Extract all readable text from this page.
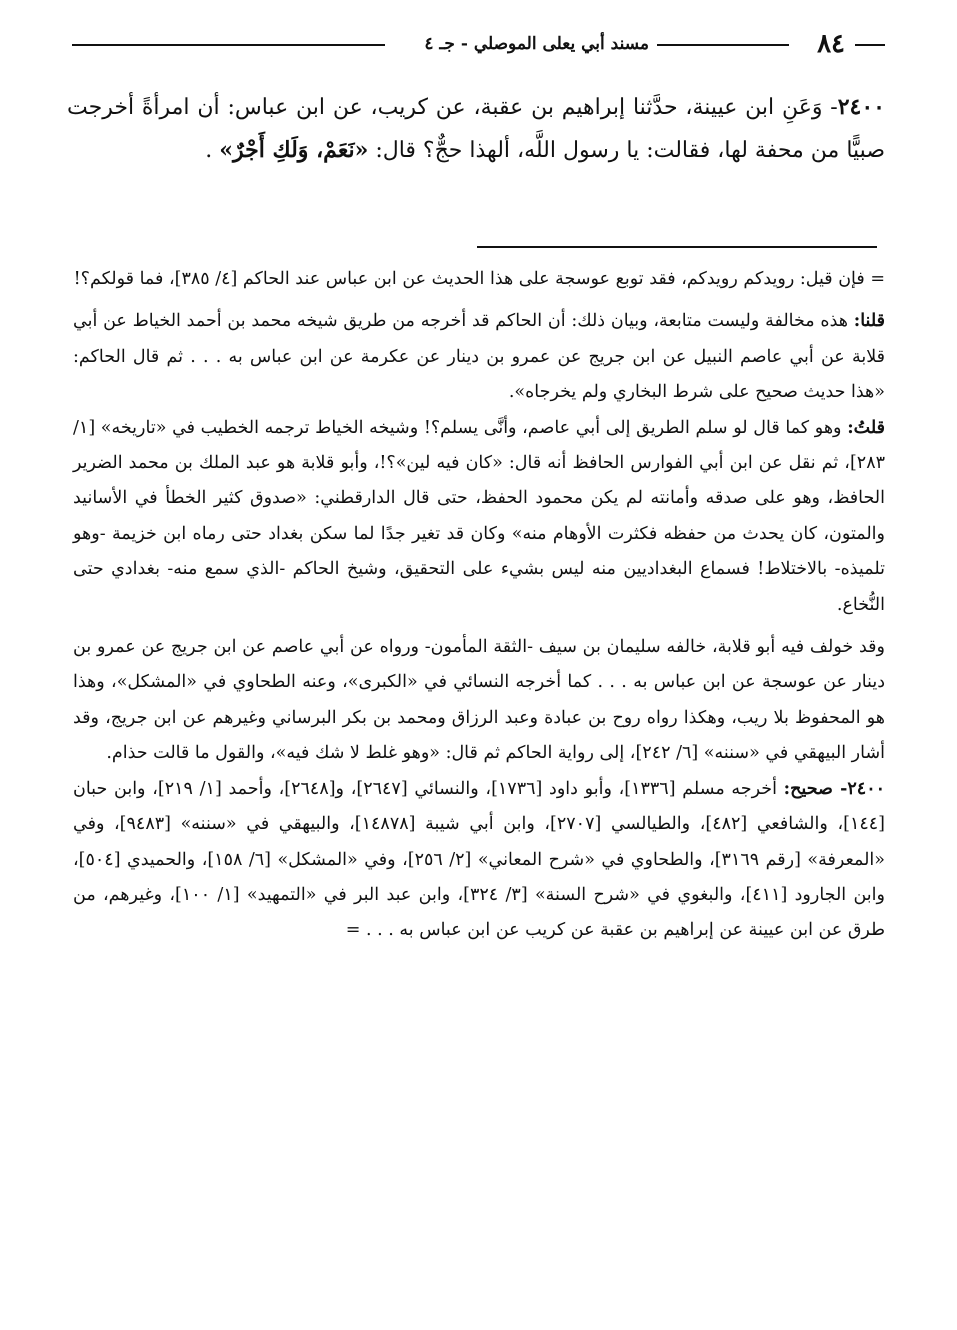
٨٤
مسند أبي يعلى الموصلي - جـ ٤
٢٤٠٠- وَعَنِ ابن عيينة، حدَّثنا إبراهيم بن عقبة، عن كريب، عن ابن عباس: أن امرأةً أخرجت صبيًّا من محفة لها، فقالت: يا رسول اللَّه، ألهذا حجٌّ؟ قال: «نَعَمْ، وَلَكِ أَجْرٌ» .

= فإن قيل: رويدكم رويدكم، فقد توبع عوسجة على هذا الحديث عن ابن عباس عند الحاكم [٤/ ٣٨٥]، فما قولكم؟!

قلنا: هذه مخالفة وليست متابعة، وبيان ذلك: أن الحاكم قد أخرجه من طريق شيخه محمد بن أحمد الخياط عن أبي قلابة عن أبي عاصم النبيل عن ابن جريج عن عمرو بن دينار عن عكرمة عن ابن عباس به . . . ثم قال الحاكم: «هذا حديث صحيح على شرط البخاري ولم يخرجاه».

قلتُ: وهو كما قال لو سلم الطريق إلى أبي عاصم، وأنَّى يسلم؟! وشيخه الخياط ترجمه الخطيب في «تاريخه» [١/ ٢٨٣]، ثم نقل عن ابن أبي الفوارس الحافظ أنه قال: «كان فيه لين»؟!، وأبو قلابة هو عبد الملك بن محمد الضرير الحافظ، وهو على صدقه وأمانته لم يكن محمود الحفظ، حتى قال الدارقطني: «صدوق كثير الخطأ في الأسانيد والمتون، كان يحدث من حفظه فكثرت الأوهام منه» وكان قد تغير جدًا لما سكن بغداد حتى رماه ابن خزيمة -وهو تلميذه- بالاختلاط! فسماع البغداديين منه ليس بشيء على التحقيق، وشيخ الحاكم -الذي سمع منه- بغدادي حتى النُّخاع.

وقد خولف فيه أبو قلابة، خالفه سليمان بن سيف -الثقة المأمون- ورواه عن أبي عاصم عن ابن جريج عن عمرو بن دينار عن عوسجة عن ابن عباس به . . . كما أخرجه النسائي في «الكبرى»، وعنه الطحاوي في «المشكل»، وهذا هو المحفوظ بلا ريب، وهكذا رواه روح بن عبادة وعبد الرزاق ومحمد بن بكر البرساني وغيرهم عن ابن جريج، وقد أشار البيهقي في «سننه» [٦/ ٢٤٢]، إلى رواية الحاكم ثم قال: «وهو غلط لا شك فيه»، والقول ما قالت حذام.

٢٤٠٠- صحيح: أخرجه مسلم [١٣٣٦]، وأبو داود [١٧٣٦]، والنسائي [٢٦٤٧]، و[٢٦٤٨]، وأحمد [١/ ٢١٩]، وابن حبان [١٤٤]، والشافعي [٤٨٢]، والطيالسي [٢٧٠٧]، وابن أبي شيبة [١٤٨٧٨]، والبيهقي في «سننه» [٩٤٨٣]، وفي «المعرفة» [رقم ٣١٦٩]، والطحاوي في «شرح المعاني» [٢/ ٢٥٦]، وفي «المشكل» [٦/ ١٥٨]، والحميدي [٥٠٤]، وابن الجارود [٤١١]، والبغوي في «شرح السنة» [٣/ ٣٢٤]، وابن عبد البر في «التمهيد» [١/ ١٠٠]، وغيرهم، من طرق عن ابن عيينة عن إبراهيم بن عقبة عن كريب عن ابن عباس به . . . =
